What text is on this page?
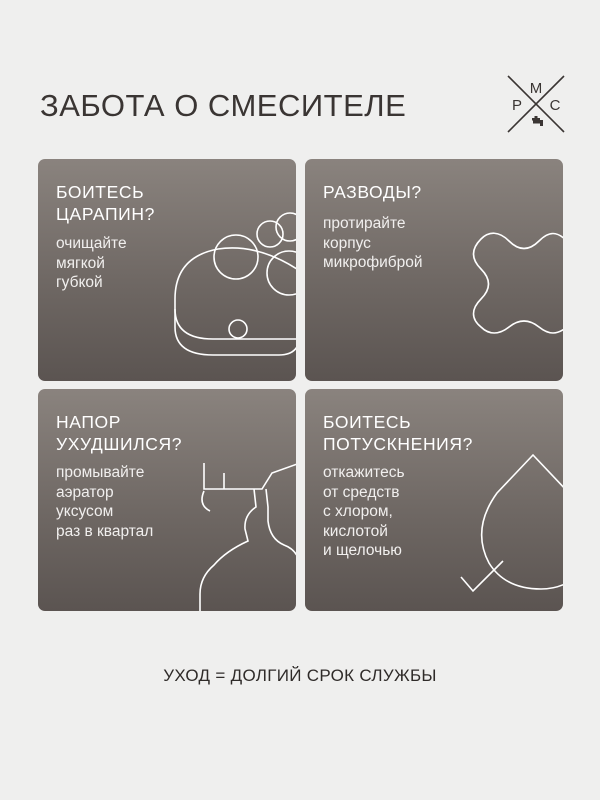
ЗАБОТА О СМЕСИТЕЛЕ	М
Р С
БОИТЕСЬ
ЦАРАПИН?
очищайте
мягкой
губкой
РАЗВОДЫ?
протирайте
корпус
микрофиброй
НАПОР
УХУДШИЛСЯ?
промывайте
аэратор
уксусом
раз в квартал
БОИТЕСЬ
ПОТУСКНЕНИЯ?
откажитесь
от средств
с хлором,
кислотой
и щелочью
УХОД = ДОЛГИЙ СРОК СЛУЖБЫ
